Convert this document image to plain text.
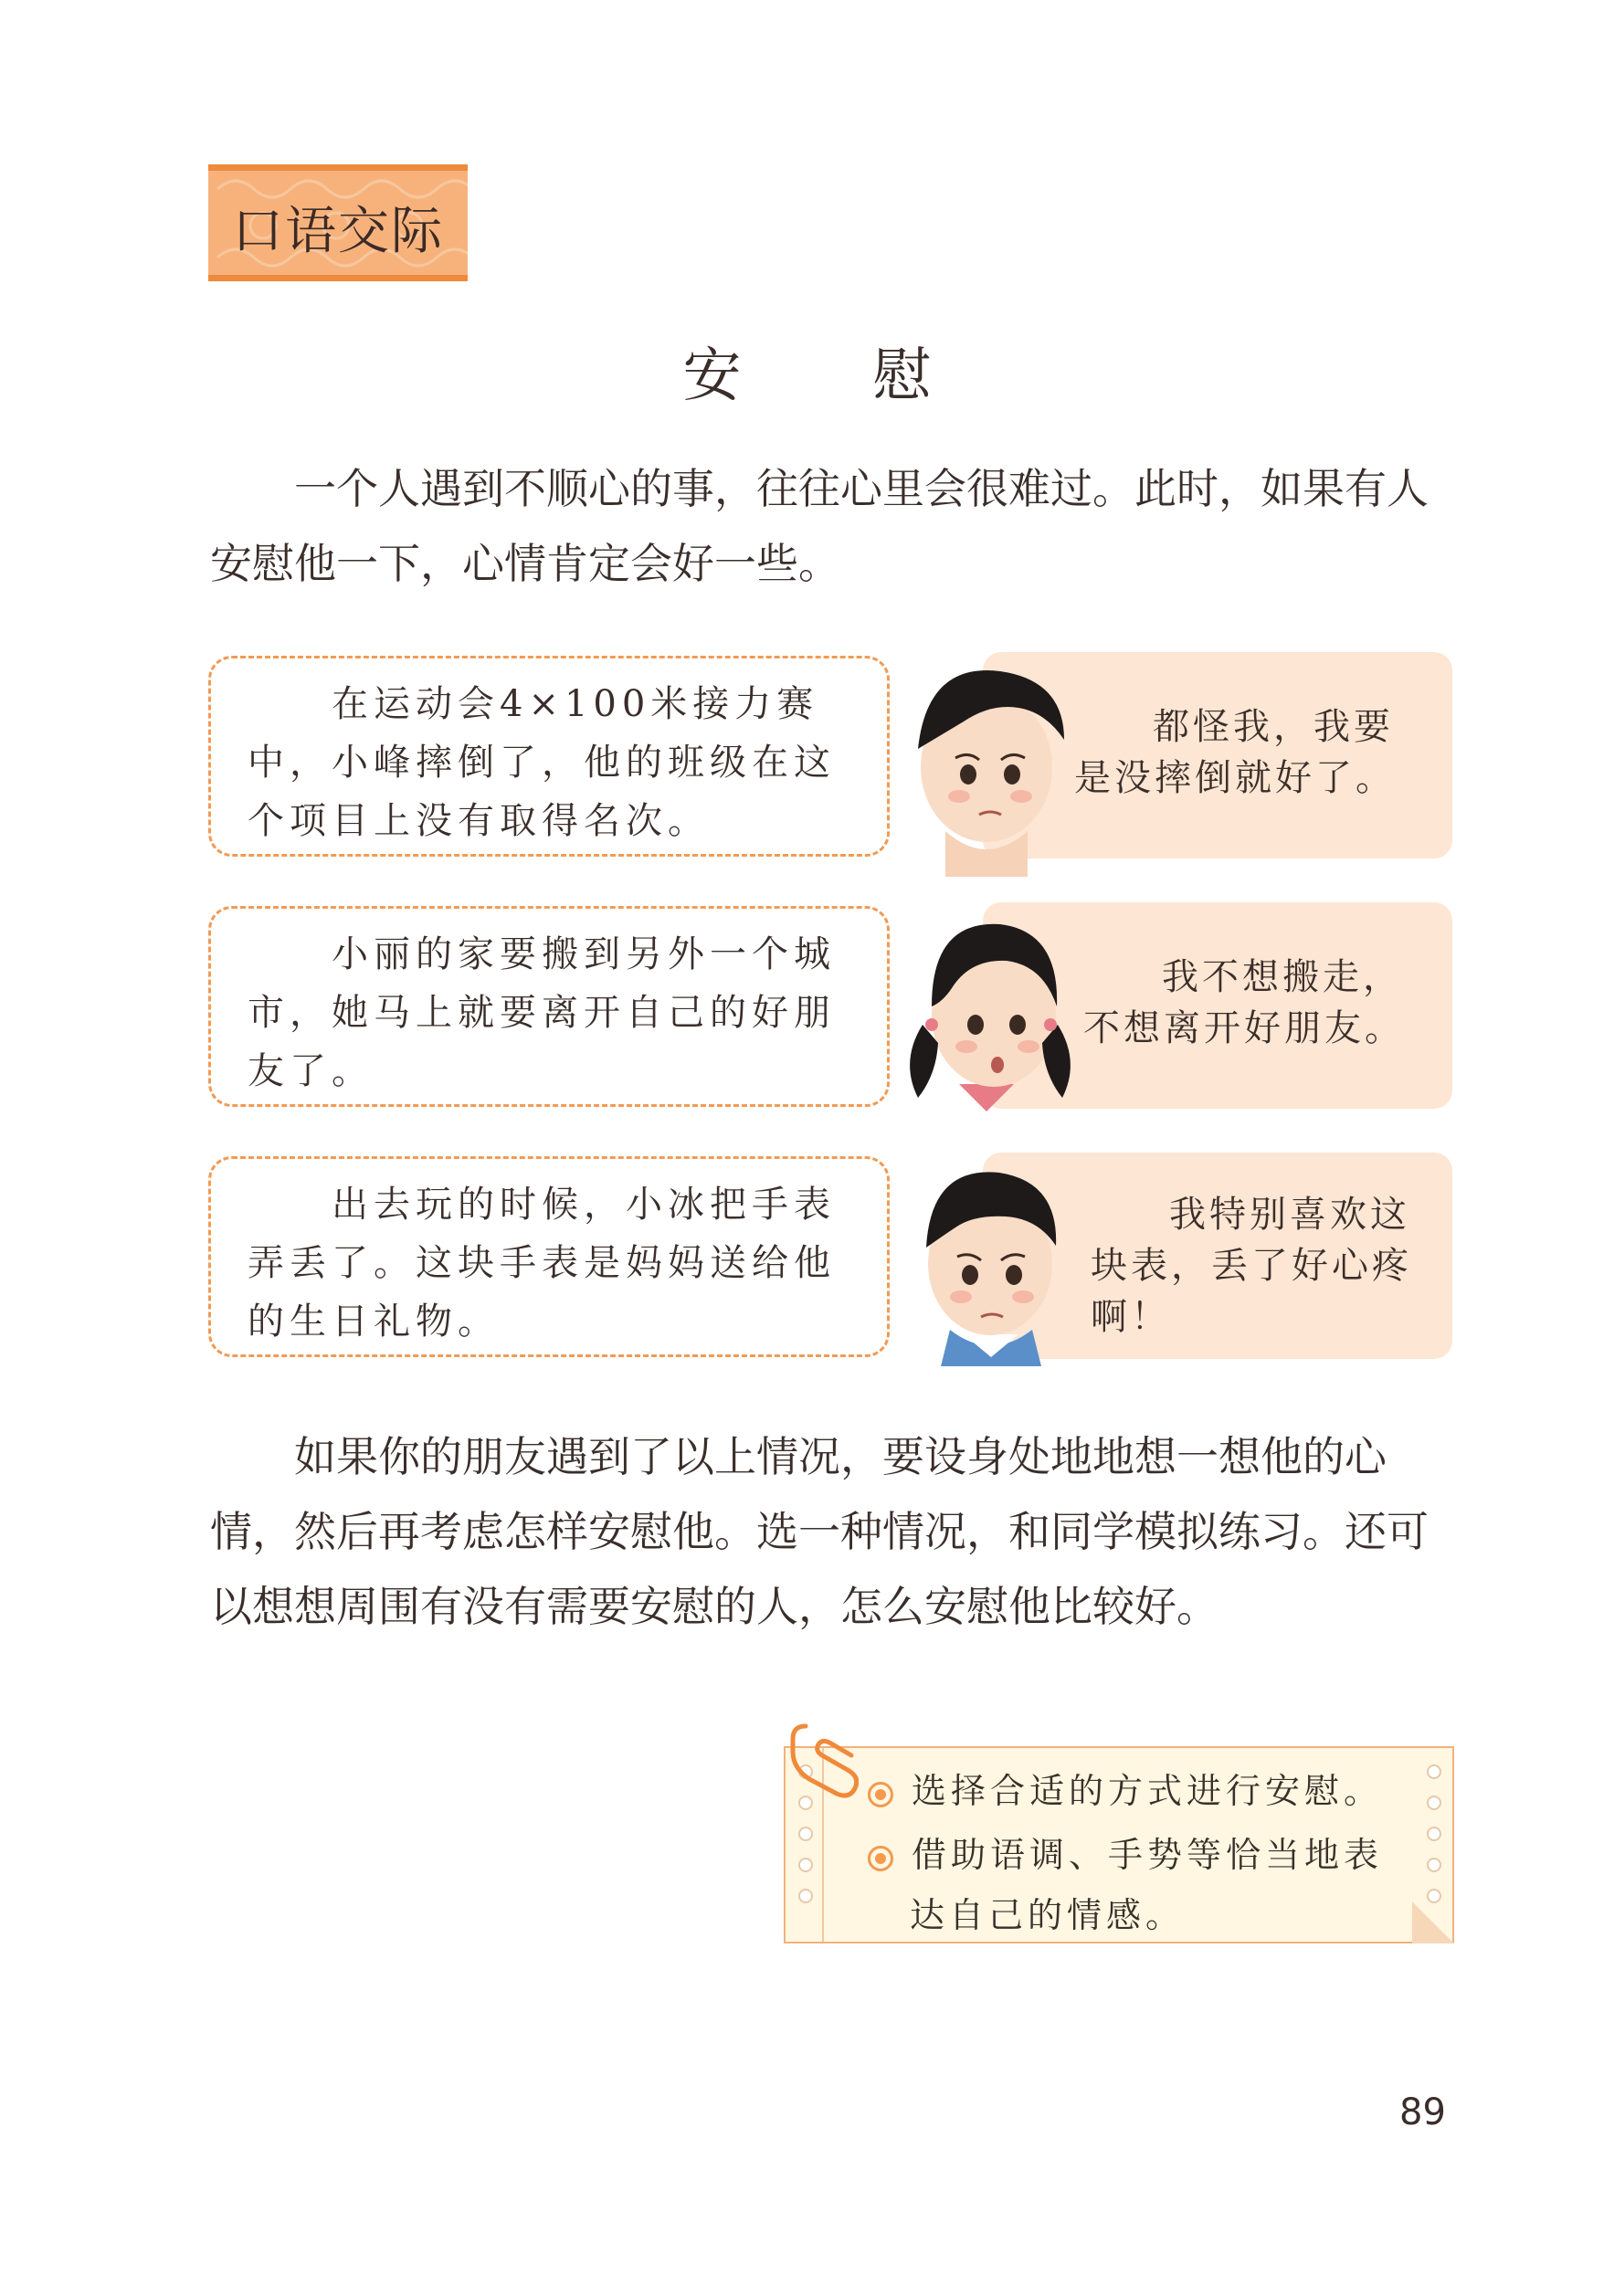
口语交际
安　慰
一个人遇到不顺心的事，往往心里会很难过。此时，如果有人安慰他一下，心情肯定会好一些。
在运动会4×100米接力赛中，小峰摔倒了，他的班级在这个项目上没有取得名次。
都怪我，我要是没摔倒就好了。
小丽的家要搬到另外一个城市，她马上就要离开自己的好朋友了。
我不想搬走，不想离开好朋友。
出去玩的时候，小冰把手表弄丢了。这块手表是妈妈送给他的生日礼物。
我特别喜欢这块表，丢了好心疼啊！
如果你的朋友遇到了以上情况，要设身处地地想一想他的心情，然后再考虑怎样安慰他。选一种情况，和同学模拟练习。还可以想想周围有没有需要安慰的人，怎么安慰他比较好。
选择合适的方式进行安慰。
借助语调、手势等恰当地表
达自己的情感。
89
